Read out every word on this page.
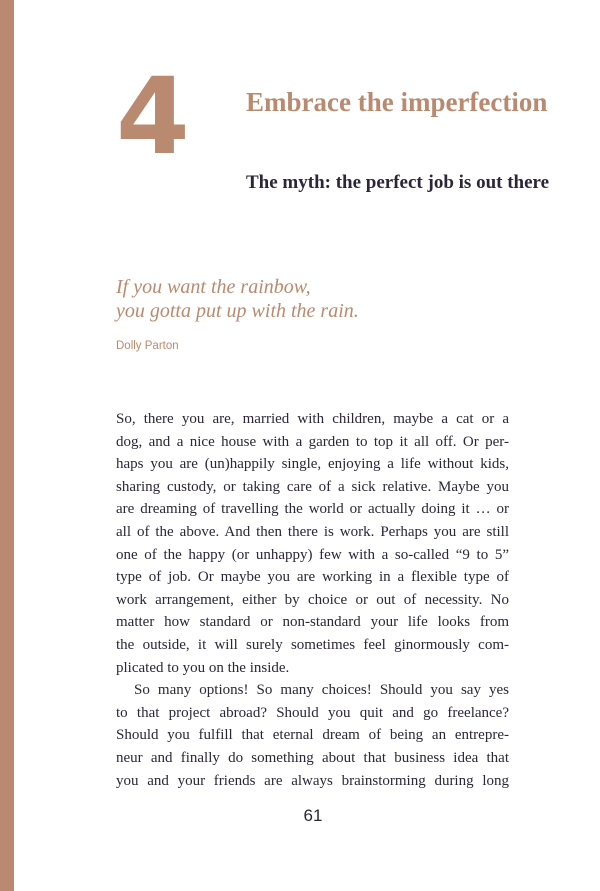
4 Embrace the imperfection
The myth: the perfect job is out there
If you want the rainbow,
you gotta put up with the rain.

Dolly Parton

So, there you are, married with children, maybe a cat or a
dog, and a nice house with a garden to top it all off. Or per-
haps you are (un)happily single, enjoying a life without kids,
sharing custody, or taking care of a sick relative. Maybe you
are dreaming of travelling the world or actually doing it … or
all of the above. And then there is work. Perhaps you are still
one of the happy (or unhappy) few with a so-called “9 to 5”
type of job. Or maybe you are working in a flexible type of
work arrangement, either by choice or out of necessity. No
matter how standard or non-standard your life looks from
the outside, it will surely sometimes feel ginormously com-
plicated to you on the inside.
So many options! So many choices! Should you say yes
to that project abroad? Should you quit and go freelance?
Should you fulfill that eternal dream of being an entrepre-
neur and finally do something about that business idea that
you and your friends are always brainstorming during long
61
